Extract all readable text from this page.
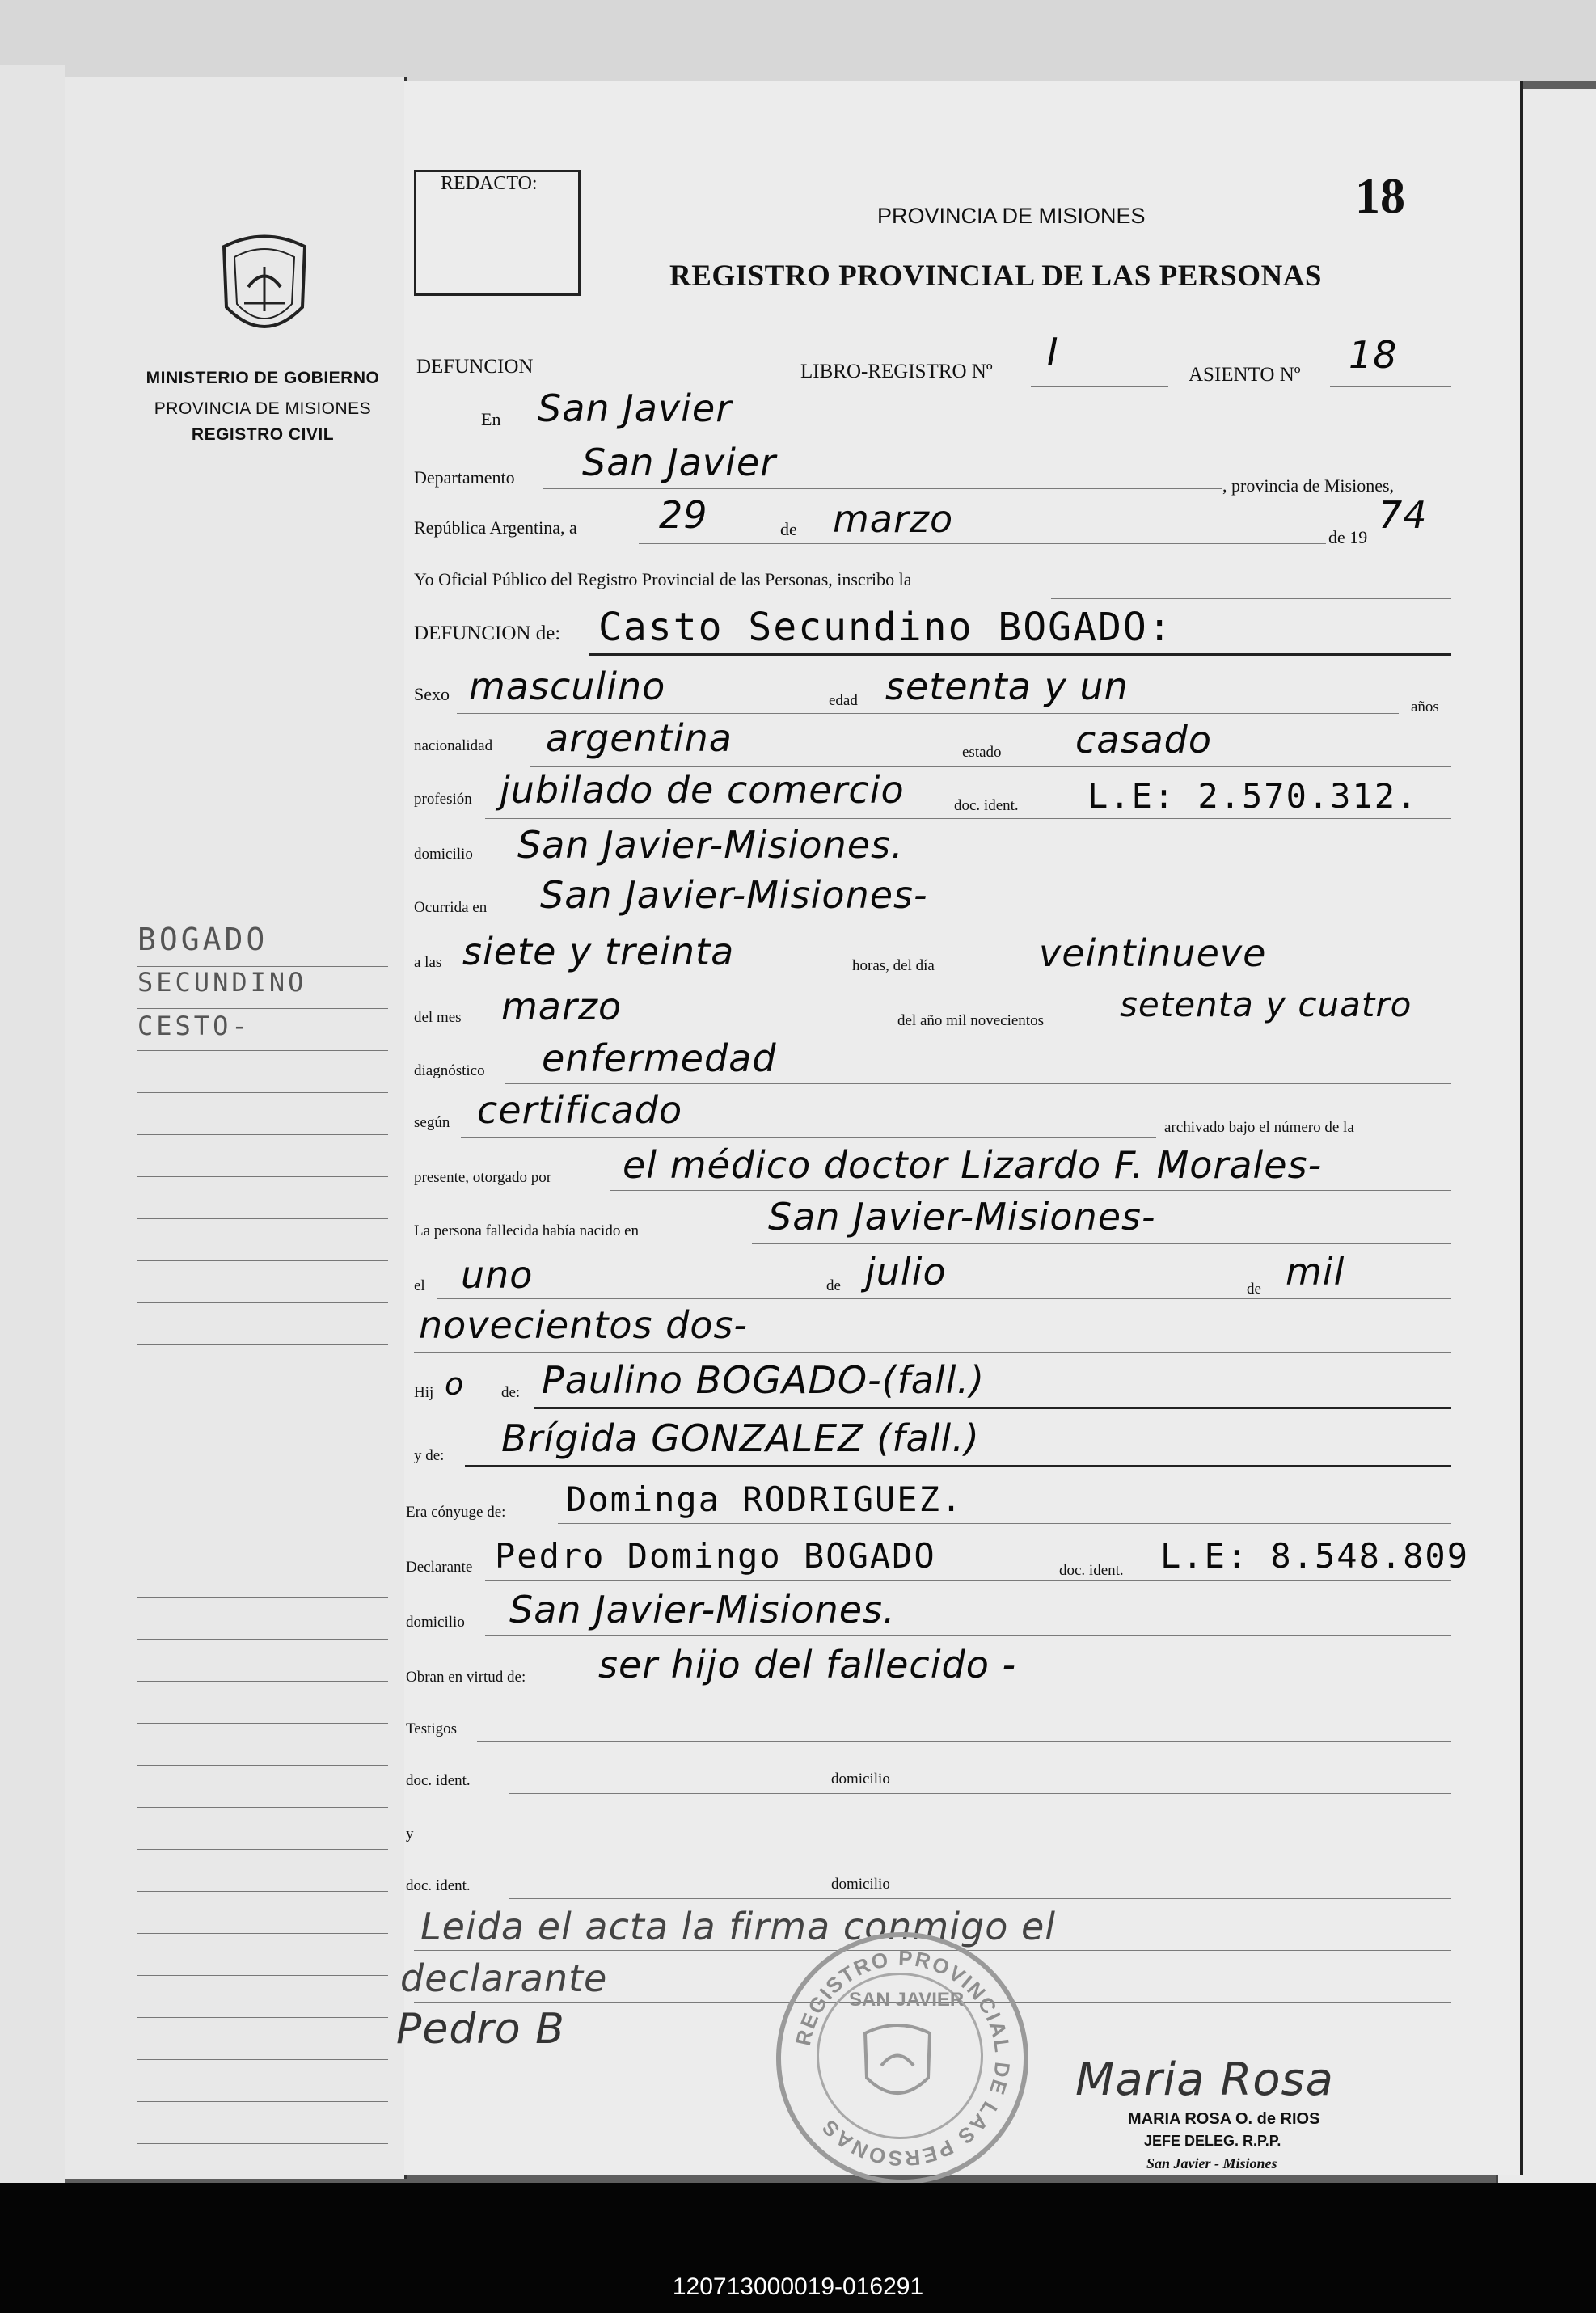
MINISTERIO DE GOBIERNO
PROVINCIA DE MISIONES
REGISTRO CIVIL
BOGADO
SECUNDINO
CESTO-
REDACTO:
PROVINCIA DE MISIONES	18
REGISTRO PROVINCIAL DE LAS PERSONAS
DEFUNCION	LIBRO-REGISTRO Nº I
ASIENTO Nº 18
En San Javier
Departamento San Javier
, provincia de Misiones,
República Argentina, a 29	de marzo	de 19
74
Yo Oficial Público del Registro Provincial de las Personas, inscribo la
DEFUNCION de: Casto Secundino BOGADO:
Sexo masculino	edad setenta y un	años
nacionalidad argentina	estado casado
profesión jubilado de comercio	doc. ident. L.E: 2.570.312.
domicilio San Javier-Misiones.
Ocurrida en San Javier-Misiones-
a las siete y treinta	horas, del día	veintinueve
del mes marzo	del año mil novecientos setenta y cuatro
diagnóstico enfermedad
según certificado	archivado bajo el número de la
presente, otorgado por el médico doctor Lizardo F. Morales-
La persona fallecida había nacido en	San Javier-Misiones-
el uno	de julio	de mil
novecientos dos-
Hij o de: Paulino BOGADO-(fall.)
y de: Brígida GONZALEZ (fall.)
Era cónyuge de: Dominga RODRIGUEZ.
Declarante Pedro Domingo BOGADO	doc. ident. L.E: 8.548.809
domicilio San Javier-Misiones.
Obran en virtud de: ser hijo del fallecido -
Testigos
doc. ident.	domicilio
y
doc. ident.	domicilio
Leida el acta la firma conmigo el
declarante
Pedro B	REGISTRO PROVINCIAL DE LAS PERSONAS
SAN JAVIER
Maria Rosa
MARIA ROSA O. de RIOS
JEFE DELEG. R.P.P.
San Javier - Misiones
120713000019-016291
